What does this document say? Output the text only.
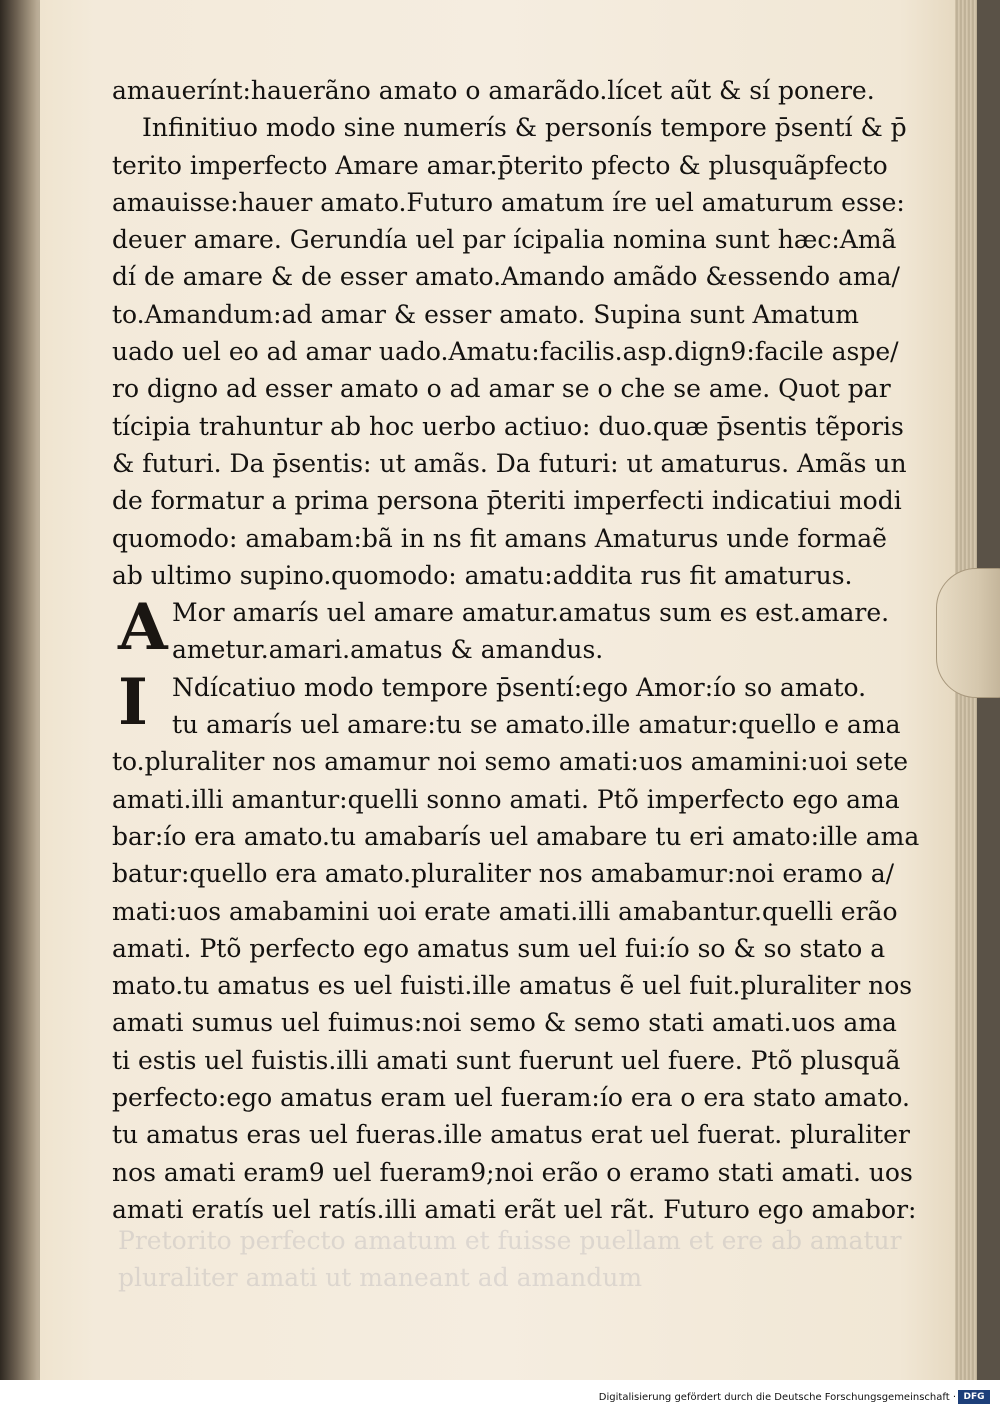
Pretorito perfecto amatum et fuisse puellam et ere ab amatur
pluraliter amati ut maneant ad amandum

amauerínt:hauerãno amato o amarãdo.lícet aũt & sí ponere.

Infinitiuo modo sine numerís & personís tempore p̄sentí & p̄

terito imperfecto Amare amar.p̄terito pfecto & plusquãpfecto

amauisse:hauer amato.Futuro amatum íre uel amaturum esse:

deuer amare. Gerundía uel par ícipalia nomina sunt hæc:Amã

dí de amare & de esser amato.Amando amãdo &essendo ama/

to.Amandum:ad amar & esser amato. Supina sunt Amatum

uado uel eo ad amar uado.Amatu:facilis.asp.dign9:facile aspe/

ro digno ad esser amato o ad amar se o che se ame. Quot par

tícipia trahuntur ab hoc uerbo actiuo: duo.quæ p̄sentis tẽporis

& futuri. Da p̄sentis: ut amãs. Da futuri: ut amaturus. Amãs un

de formatur a prima persona p̄teriti imperfecti indicatiui modi

quomodo: amabam:bã in ns fit amans Amaturus unde formaẽ

ab ultimo supino.quomodo: amatu:addita rus fit amaturus.

A Mor amarís uel amare amatur.amatus sum es est.amare.

ametur.amari.amatus & amandus.

I Ndícatiuo modo tempore p̄sentí:ego Amor:ío so amato.

tu amarís uel amare:tu se amato.ille amatur:quello e ama

to.pluraliter nos amamur noi semo amati:uos amamini:uoi sete

amati.illi amantur:quelli sonno amati. Ptõ imperfecto ego ama

bar:ío era amato.tu amabarís uel amabare tu eri amato:ille ama

batur:quello era amato.pluraliter nos amabamur:noi eramo a/

mati:uos amabamini uoi erate amati.illi amabantur.quelli erão

amati. Ptõ perfecto ego amatus sum uel fui:ío so & so stato a

mato.tu amatus es uel fuisti.ille amatus ẽ uel fuit.pluraliter nos

amati sumus uel fuimus:noi semo & semo stati amati.uos ama

ti estis uel fuistis.illi amati sunt fuerunt uel fuere. Ptõ plusquã

perfecto:ego amatus eram uel fueram:ío era o era stato amato.

tu amatus eras uel fueras.ille amatus erat uel fuerat. pluraliter

nos amati eram9 uel fueram9;noi erão o eramo stati amati. uos

amati eratís uel ratís.illi amati erãt uel rãt. Futuro ego amabor:

Digitalisierung gefördert durch die Deutsche Forschungsgemeinschaft · DFG
